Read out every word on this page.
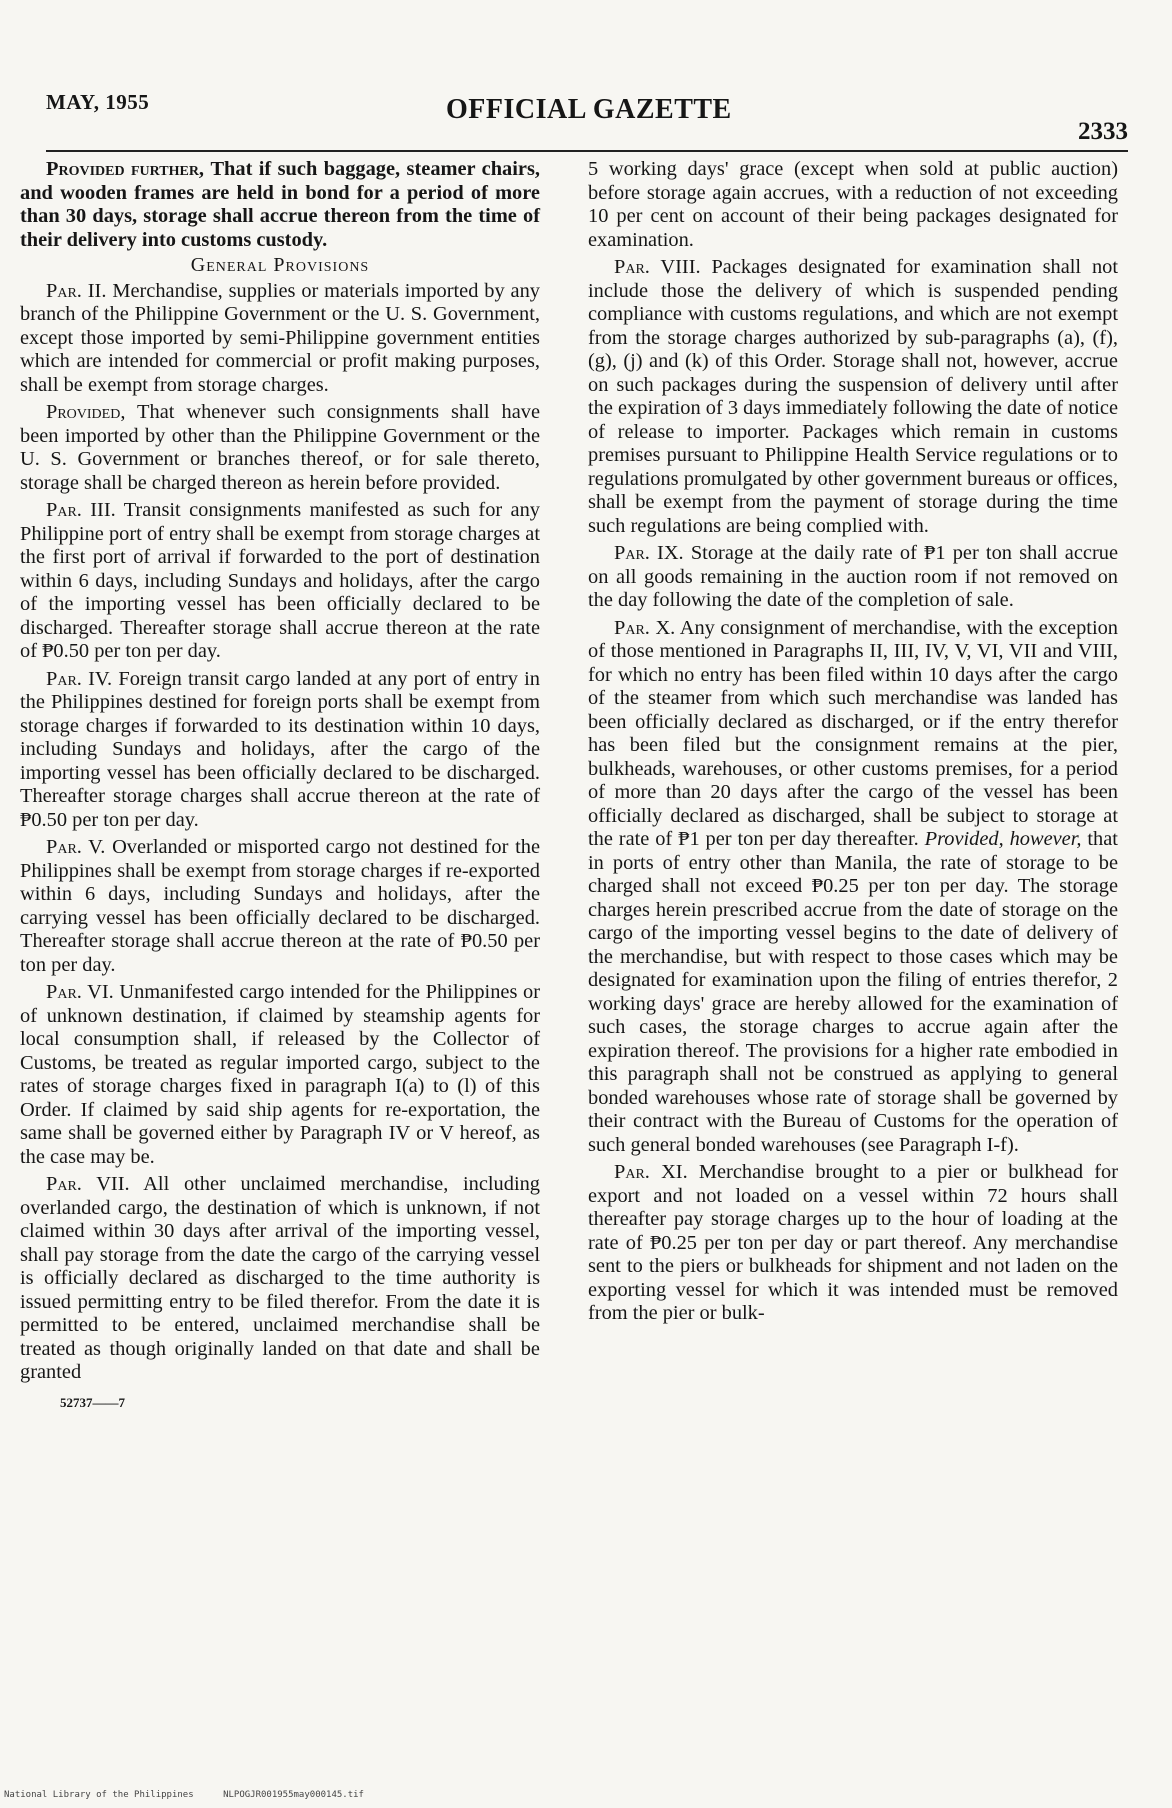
MAY, 1955	OFFICIAL GAZETTE
2333

Provided further, That if such baggage, steamer chairs, and wooden frames are held in bond for a period of more than 30 days, storage shall accrue thereon from the time of their delivery into customs custody.

General Provisions

Par. II. Merchandise, supplies or materials imported by any branch of the Philippine Government or the U. S. Government, except those imported by semi-Philippine government entities which are intended for commercial or profit making purposes, shall be exempt from storage charges.

Provided, That whenever such consignments shall have been imported by other than the Philippine Government or the U. S. Government or branches thereof, or for sale thereto, storage shall be charged thereon as herein before provided.

Par. III. Transit consignments manifested as such for any Philippine port of entry shall be exempt from storage charges at the first port of arrival if forwarded to the port of destination within 6 days, including Sundays and holidays, after the cargo of the importing vessel has been officially declared to be discharged. Thereafter storage shall accrue thereon at the rate of ₱0.50 per ton per day.

Par. IV. Foreign transit cargo landed at any port of entry in the Philippines destined for foreign ports shall be exempt from storage charges if forwarded to its destination within 10 days, including Sundays and holidays, after the cargo of the importing vessel has been officially declared to be discharged. Thereafter storage charges shall accrue thereon at the rate of ₱0.50 per ton per day.

Par. V. Overlanded or misported cargo not destined for the Philippines shall be exempt from storage charges if re-exported within 6 days, including Sundays and holidays, after the carrying vessel has been officially declared to be discharged. Thereafter storage shall accrue thereon at the rate of ₱0.50 per ton per day.

Par. VI. Unmanifested cargo intended for the Philippines or of unknown destination, if claimed by steamship agents for local consumption shall, if released by the Collector of Customs, be treated as regular imported cargo, subject to the rates of storage charges fixed in paragraph I(a) to (l) of this Order. If claimed by said ship agents for re-exportation, the same shall be governed either by Paragraph IV or V hereof, as the case may be.

Par. VII. All other unclaimed merchandise, including overlanded cargo, the destination of which is unknown, if not claimed within 30 days after arrival of the importing vessel, shall pay storage from the date the cargo of the carrying vessel is officially declared as discharged to the time authority is issued permitting entry to be filed therefor. From the date it is permitted to be entered, unclaimed merchandise shall be treated as though originally landed on that date and shall be granted

52737——7

5 working days' grace (except when sold at public auction) before storage again accrues, with a reduction of not exceeding 10 per cent on account of their being packages designated for examination.

Par. VIII. Packages designated for examination shall not include those the delivery of which is suspended pending compliance with customs regulations, and which are not exempt from the storage charges authorized by sub-paragraphs (a), (f), (g), (j) and (k) of this Order. Storage shall not, however, accrue on such packages during the suspension of delivery until after the expiration of 3 days immediately following the date of notice of release to importer. Packages which remain in customs premises pursuant to Philippine Health Service regulations or to regulations promulgated by other government bureaus or offices, shall be exempt from the payment of storage during the time such regulations are being complied with.

Par. IX. Storage at the daily rate of ₱1 per ton shall accrue on all goods remaining in the auction room if not removed on the day following the date of the completion of sale.

Par. X. Any consignment of merchandise, with the exception of those mentioned in Paragraphs II, III, IV, V, VI, VII and VIII, for which no entry has been filed within 10 days after the cargo of the steamer from which such merchandise was landed has been officially declared as discharged, or if the entry therefor has been filed but the consignment remains at the pier, bulkheads, warehouses, or other customs premises, for a period of more than 20 days after the cargo of the vessel has been officially declared as discharged, shall be subject to storage at the rate of ₱1 per ton per day thereafter. Provided, however, that in ports of entry other than Manila, the rate of storage to be charged shall not exceed ₱0.25 per ton per day. The storage charges herein prescribed accrue from the date of storage on the cargo of the importing vessel begins to the date of delivery of the merchandise, but with respect to those cases which may be designated for examination upon the filing of entries therefor, 2 working days' grace are hereby allowed for the examination of such cases, the storage charges to accrue again after the expiration thereof. The provisions for a higher rate embodied in this paragraph shall not be construed as applying to general bonded warehouses whose rate of storage shall be governed by their contract with the Bureau of Customs for the operation of such general bonded warehouses (see Paragraph I-f).

Par. XI. Merchandise brought to a pier or bulkhead for export and not loaded on a vessel within 72 hours shall thereafter pay storage charges up to the hour of loading at the rate of ₱0.25 per ton per day or part thereof. Any merchandise sent to the piers or bulkheads for shipment and not laden on the exporting vessel for which it was intended must be removed from the pier or bulk-

National Library of the Philippines	NLPOGJR001955may000145.tif
